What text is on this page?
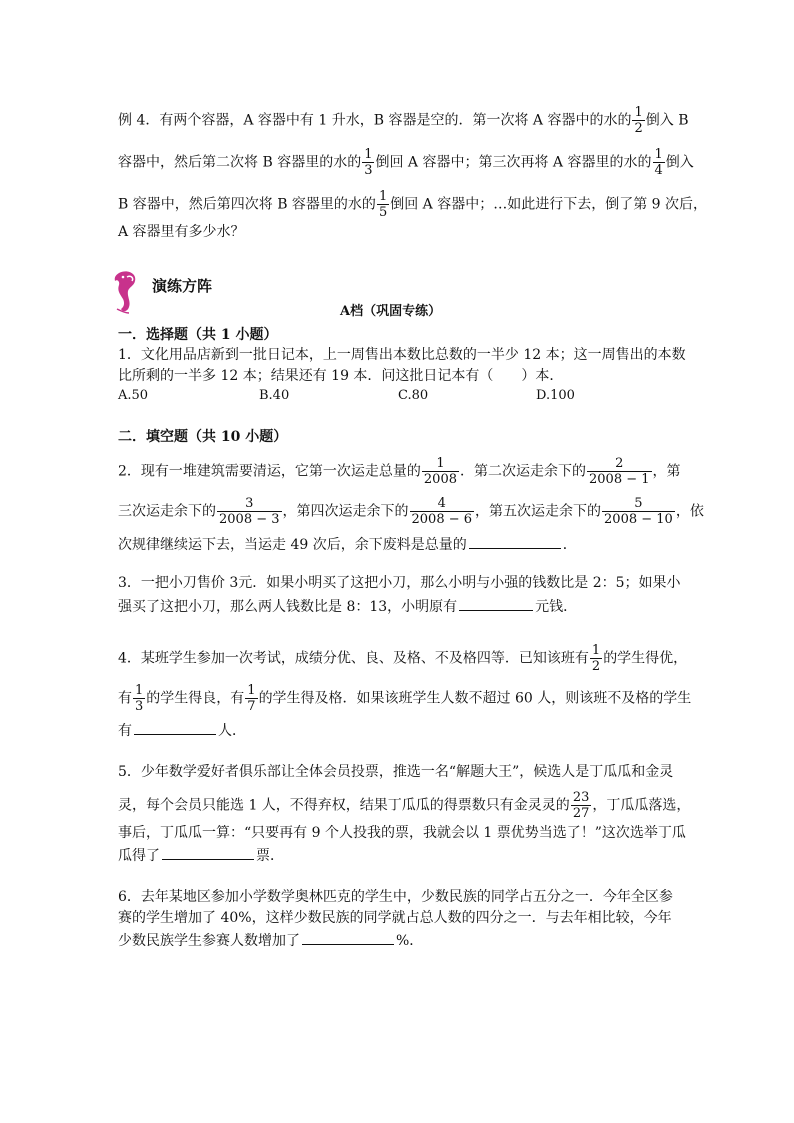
例 4．有两个容器，A 容器中有 1 升水，B 容器是空的．第一次将 A 容器中的水的 $\frac{1}{2}$ 倒入 B
容器中，然后第二次将 B 容器里的水的 $\frac{1}{3}$ 倒回 A 容器中；第三次再将 A 容器里的水的 $\frac{1}{4}$ 倒入
B 容器中，然后第四次将 B 容器里的水的 $\frac{1}{5}$ 倒回 A 容器中；…如此进行下去，倒了第 9 次后，
A 容器里有多少水？
演练方阵
A档（巩固专练）
一．选择题（共 1 小题）
1．文化用品店新到一批日记本，上一周售出本数比总数的一半少 12 本；这一周售出的本数
比所剩的一半多 12 本；结果还有 19 本．问这批日记本有（　　）本．
A.50	B.40	C.80	D.100
二．填空题（共 10 小题）
2．现有一堆建筑需要清运，它第一次运走总量的 $\frac{1}{2008}$ ．第二次运走余下的 $\frac{2}{2008 - 1}$ ，第
三次运走余下的 $\frac{3}{2008 - 3}$ ，第四次运走余下的 $\frac{4}{2008 - 6}$ ，第五次运走余下的 $\frac{5}{2008 - 10}$ ，依
次规律继续运下去，当运走 49 次后，余下废料是总量的	．
3．一把小刀售价 3元．如果小明买了这把小刀，那么小明与小强的钱数比是 2：5；如果小
强买了这把小刀，那么两人钱数比是 8：13，小明原有	元钱．
4．某班学生参加一次考试，成绩分优、良、及格、不及格四等．已知该班有 $\frac{1}{2}$ 的学生得优，
有 $\frac{1}{3}$ 的学生得良，有 $\frac{1}{7}$ 的学生得及格．如果该班学生人数不超过 60 人，则该班不及格的学生
有	人．
5．少年数学爱好者俱乐部让全体会员投票，推选一名“解题大王”，候选人是丁瓜瓜和金灵
灵，每个会员只能选 1 人，不得弃权，结果丁瓜瓜的得票数只有金灵灵的 $\frac{23}{27}$ ，丁瓜瓜落选，
事后，丁瓜瓜一算：“只要再有 9 个人投我的票，我就会以 1 票优势当选了！”这次选举丁瓜
瓜得了	票．
6．去年某地区参加小学数学奥林匹克的学生中，少数民族的同学占五分之一．今年全区参
赛的学生增加了 40%，这样少数民族的同学就占总人数的四分之一．与去年相比较，今年
少数民族学生参赛人数增加了	%．
